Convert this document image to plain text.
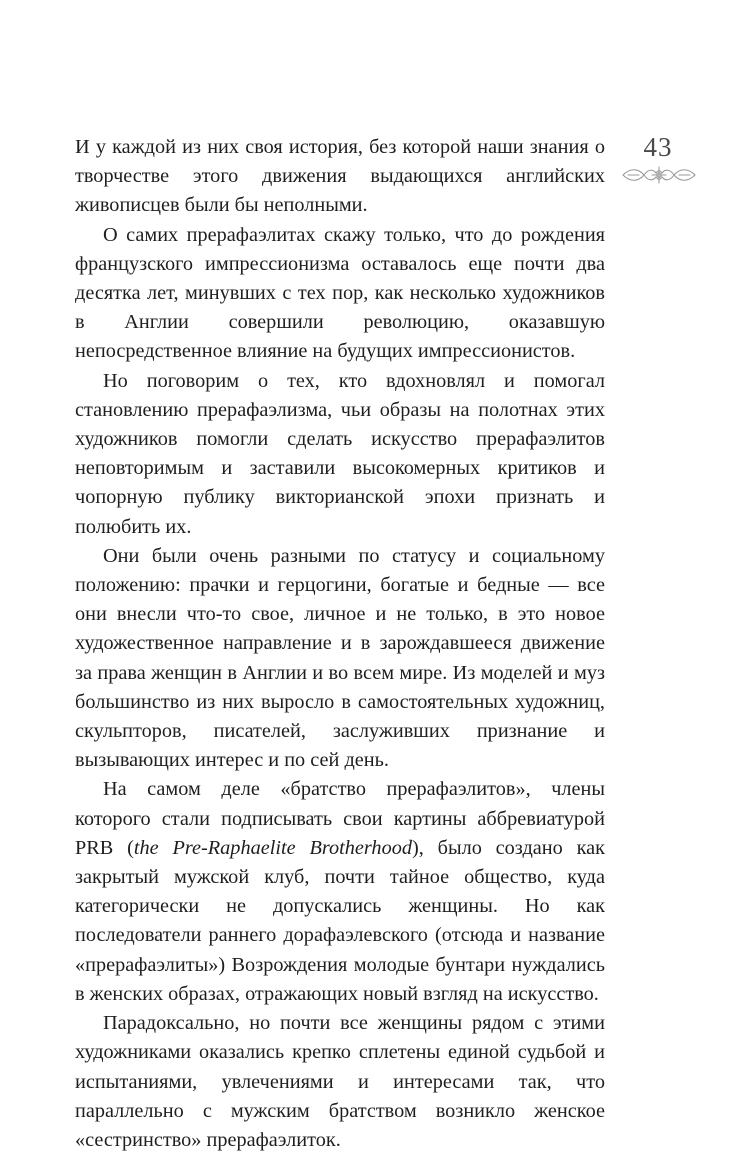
43

И у каждой из них своя история, без которой наши знания о творчестве этого движения выдающихся английских живописцев были бы неполными.

О самих прерафаэлитах скажу только, что до рождения французского импрессионизма оставалось еще почти два десятка лет, минувших с тех пор, как несколько художников в Англии совершили революцию, оказавшую непосредственное влияние на будущих импрессионистов.

Но поговорим о тех, кто вдохновлял и помогал становлению прерафаэлизма, чьи образы на полотнах этих художников помогли сделать искусство прерафаэлитов неповторимым и заставили высокомерных критиков и чопорную публику викторианской эпохи признать и полюбить их.

Они были очень разными по статусу и социальному положению: прачки и герцогини, богатые и бедные — все они внесли что-то свое, личное и не только, в это новое художественное направление и в зарождавшееся движение за права женщин в Англии и во всем мире. Из моделей и муз большинство из них выросло в самостоятельных художниц, скульпторов, писателей, заслуживших признание и вызывающих интерес и по сей день.

На самом деле «братство прерафаэлитов», члены которого стали подписывать свои картины аббревиатурой PRB (the Pre-Raphaelite Brotherhood), было создано как закрытый мужской клуб, почти тайное общество, куда категорически не допускались женщины. Но как последователи раннего дорафаэлевского (отсюда и название «прерафаэлиты») Возрождения молодые бунтари нуждались в женских образах, отражающих новый взгляд на искусство.

Парадоксально, но почти все женщины рядом с этими художниками оказались крепко сплетены единой судьбой и испытаниями, увлечениями и интересами так, что параллельно с мужским братством возникло женское «сестринство» прерафаэлиток.
